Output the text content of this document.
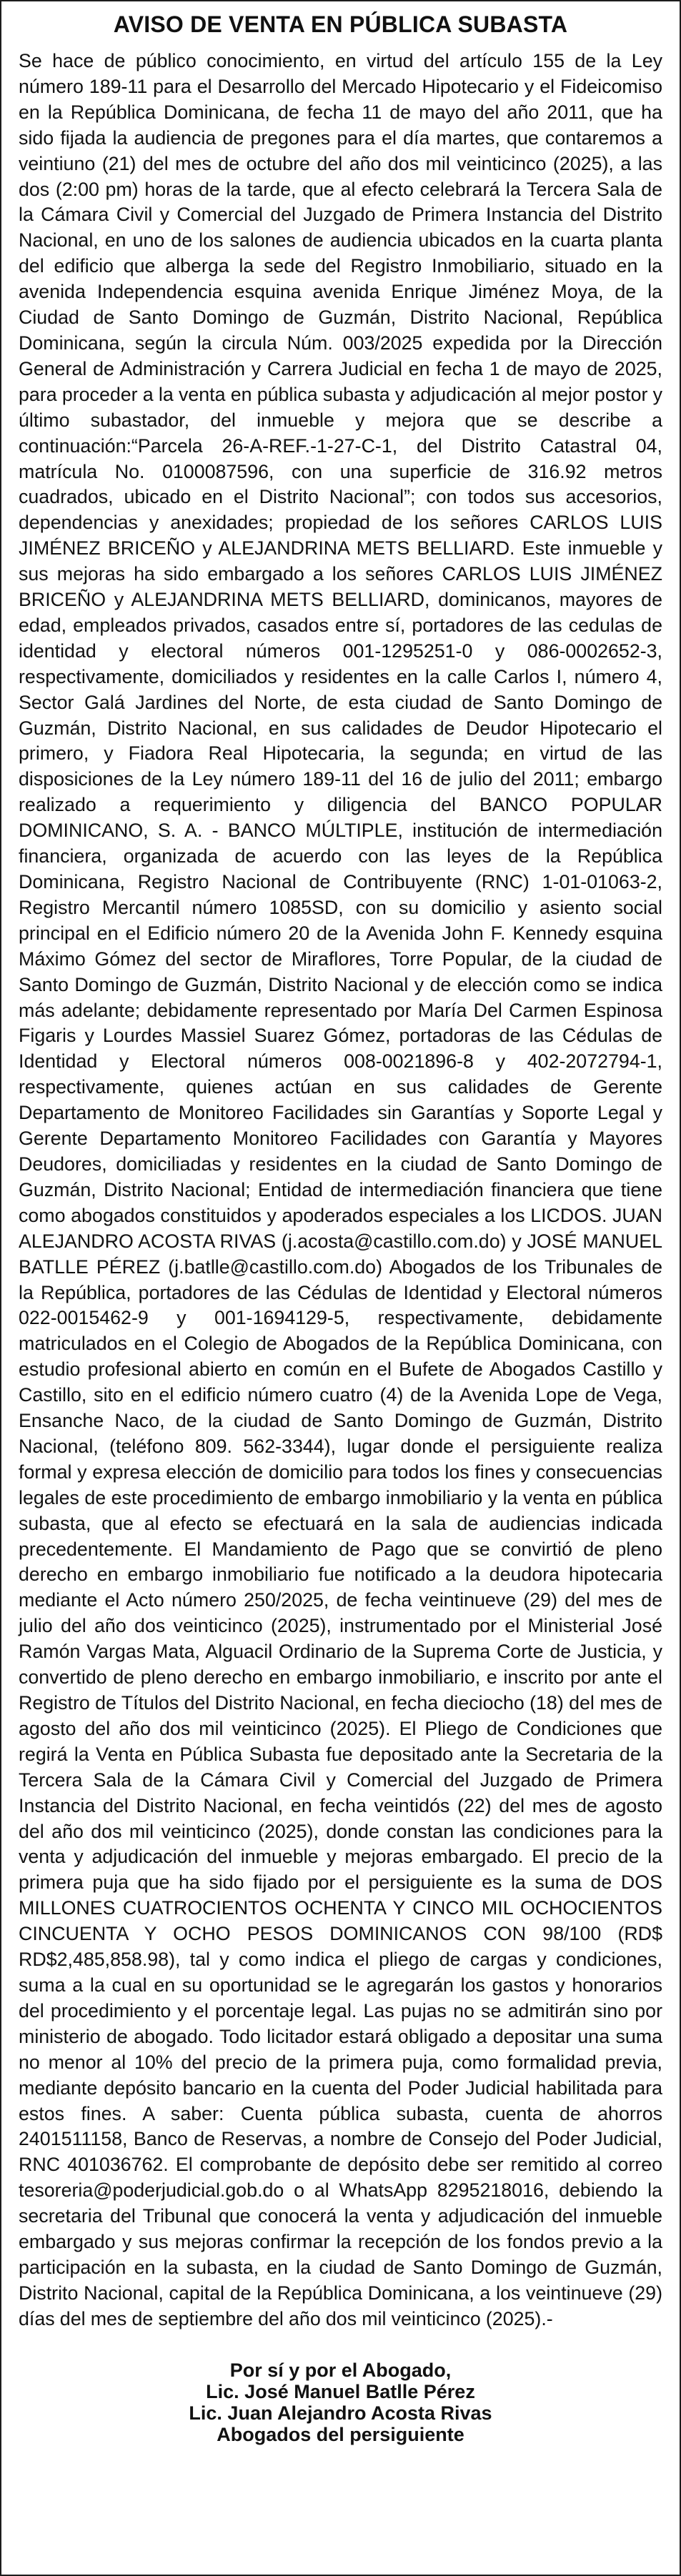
AVISO DE VENTA EN PÚBLICA SUBASTA

Se hace de público conocimiento, en virtud del artículo 155 de la Ley número 189-11 para el Desarrollo del Mercado Hipotecario y el Fideicomiso en la República Dominicana, de fecha 11 de mayo del año 2011, que ha sido fijada la audiencia de pregones para el día martes, que contaremos a veintiuno (21) del mes de octubre del año dos mil veinticinco (2025), a las dos (2:00 pm) horas de la tarde, que al efecto celebrará la Tercera Sala de la Cámara Civil y Comercial del Juzgado de Primera Instancia del Distrito Nacional, en uno de los salones de audiencia ubicados en la cuarta planta del edificio que alberga la sede del Registro Inmobiliario, situado en la avenida Independencia esquina avenida Enrique Jiménez Moya, de la Ciudad de Santo Domingo de Guzmán, Distrito Nacional, República Dominicana, según la circula Núm. 003/2025 expedida por la Dirección General de Administración y Carrera Judicial en fecha 1 de mayo de 2025, para proceder a la venta en pública subasta y adjudicación al mejor postor y último subastador, del inmueble y mejora que se describe a continuación:“Parcela 26-A-REF.-1-27-C-1, del Distrito Catastral 04, matrícula No. 0100087596, con una superficie de 316.92 metros cuadrados, ubicado en el Distrito Nacional”; con todos sus accesorios, dependencias y anexidades; propiedad de los señores CARLOS LUIS JIMÉNEZ BRICEÑO y ALEJANDRINA METS BELLIARD. Este inmueble y sus mejoras ha sido embargado a los señores CARLOS LUIS JIMÉNEZ BRICEÑO y ALEJANDRINA METS BELLIARD, dominicanos, mayores de edad, empleados privados, casados entre sí, portadores de las cedulas de identidad y electoral números 001-1295251-0 y 086-0002652-3, respectivamente, domiciliados y residentes en la calle Carlos I, número 4, Sector Galá Jardines del Norte, de esta ciudad de Santo Domingo de Guzmán, Distrito Nacional, en sus calidades de Deudor Hipotecario el primero, y Fiadora Real Hipotecaria, la segunda; en virtud de las disposiciones de la Ley número 189-11 del 16 de julio del 2011; embargo realizado a requerimiento y diligencia del BANCO POPULAR DOMINICANO, S. A. - BANCO MÚLTIPLE, institución de intermediación financiera, organizada de acuerdo con las leyes de la República Dominicana, Registro Nacional de Contribuyente (RNC) 1-01-01063-2, Registro Mercantil número 1085SD, con su domicilio y asiento social principal en el Edificio número 20 de la Avenida John F. Kennedy esquina Máximo Gómez del sector de Miraflores, Torre Popular, de la ciudad de Santo Domingo de Guzmán, Distrito Nacional y de elección como se indica más adelante; debidamente representado por María Del Carmen Espinosa Figaris y Lourdes Massiel Suarez Gómez, portadoras de las Cédulas de Identidad y Electoral números 008-0021896-8 y 402-2072794-1, respectivamente, quienes actúan en sus calidades de Gerente Departamento de Monitoreo Facilidades sin Garantías y Soporte Legal y Gerente Departamento Monitoreo Facilidades con Garantía y Mayores Deudores, domiciliadas y residentes en la ciudad de Santo Domingo de Guzmán, Distrito Nacional; Entidad de intermediación financiera que tiene como abogados constituidos y apoderados especiales a los LICDOS. JUAN ALEJANDRO ACOSTA RIVAS (j.acosta@castillo.com.do) y JOSÉ MANUEL BATLLE PÉREZ (j.batlle@castillo.com.do) Abogados de los Tribunales de la República, portadores de las Cédulas de Identidad y Electoral números 022-0015462-9 y 001-1694129-5, respectivamente, debidamente matriculados en el Colegio de Abogados de la República Dominicana, con estudio profesional abierto en común en el Bufete de Abogados Castillo y Castillo, sito en el edificio número cuatro (4) de la Avenida Lope de Vega, Ensanche Naco, de la ciudad de Santo Domingo de Guzmán, Distrito Nacional, (teléfono 809. 562-3344), lugar donde el persiguiente realiza formal y expresa elección de domicilio para todos los fines y consecuencias legales de este procedimiento de embargo inmobiliario y la venta en pública subasta, que al efecto se efectuará en la sala de audiencias indicada precedentemente. El Mandamiento de Pago que se convirtió de pleno derecho en embargo inmobiliario fue notificado a la deudora hipotecaria mediante el Acto número 250/2025, de fecha veintinueve (29) del mes de julio del año dos veinticinco (2025), instrumentado por el Ministerial José Ramón Vargas Mata, Alguacil Ordinario de la Suprema Corte de Justicia, y convertido de pleno derecho en embargo inmobiliario, e inscrito por ante el Registro de Títulos del Distrito Nacional, en fecha dieciocho (18) del mes de agosto del año dos mil veinticinco (2025). El Pliego de Condiciones que regirá la Venta en Pública Subasta fue depositado ante la Secretaria de la Tercera Sala de la Cámara Civil y Comercial del Juzgado de Primera Instancia del Distrito Nacional, en fecha veintidós (22) del mes de agosto del año dos mil veinticinco (2025), donde constan las condiciones para la venta y adjudicación del inmueble y mejoras embargado. El precio de la primera puja que ha sido fijado por el persiguiente es la suma de DOS MILLONES CUATROCIENTOS OCHENTA Y CINCO MIL OCHOCIENTOS CINCUENTA Y OCHO PESOS DOMINICANOS CON 98/100 (RD$ RD$2,485,858.98), tal y como indica el pliego de cargas y condiciones, suma a la cual en su oportunidad se le agregarán los gastos y honorarios del procedimiento y el porcentaje legal. Las pujas no se admitirán sino por ministerio de abogado. Todo licitador estará obligado a depositar una suma no menor al 10% del precio de la primera puja, como formalidad previa, mediante depósito bancario en la cuenta del Poder Judicial habilitada para estos fines. A saber: Cuenta pública subasta, cuenta de ahorros 2401511158, Banco de Reservas, a nombre de Consejo del Poder Judicial, RNC 401036762. El comprobante de depósito debe ser remitido al correo tesoreria@poderjudicial.gob.do o al WhatsApp 8295218016, debiendo la secretaria del Tribunal que conocerá la venta y adjudicación del inmueble embargado y sus mejoras confirmar la recepción de los fondos previo a la participación en la subasta, en la ciudad de Santo Domingo de Guzmán, Distrito Nacional, capital de la República Dominicana, a los veintinueve (29) días del mes de septiembre del año dos mil veinticinco (2025).-

Por sí y por el Abogado,
Lic. José Manuel Batlle Pérez
Lic. Juan Alejandro Acosta Rivas
Abogados del persiguiente
